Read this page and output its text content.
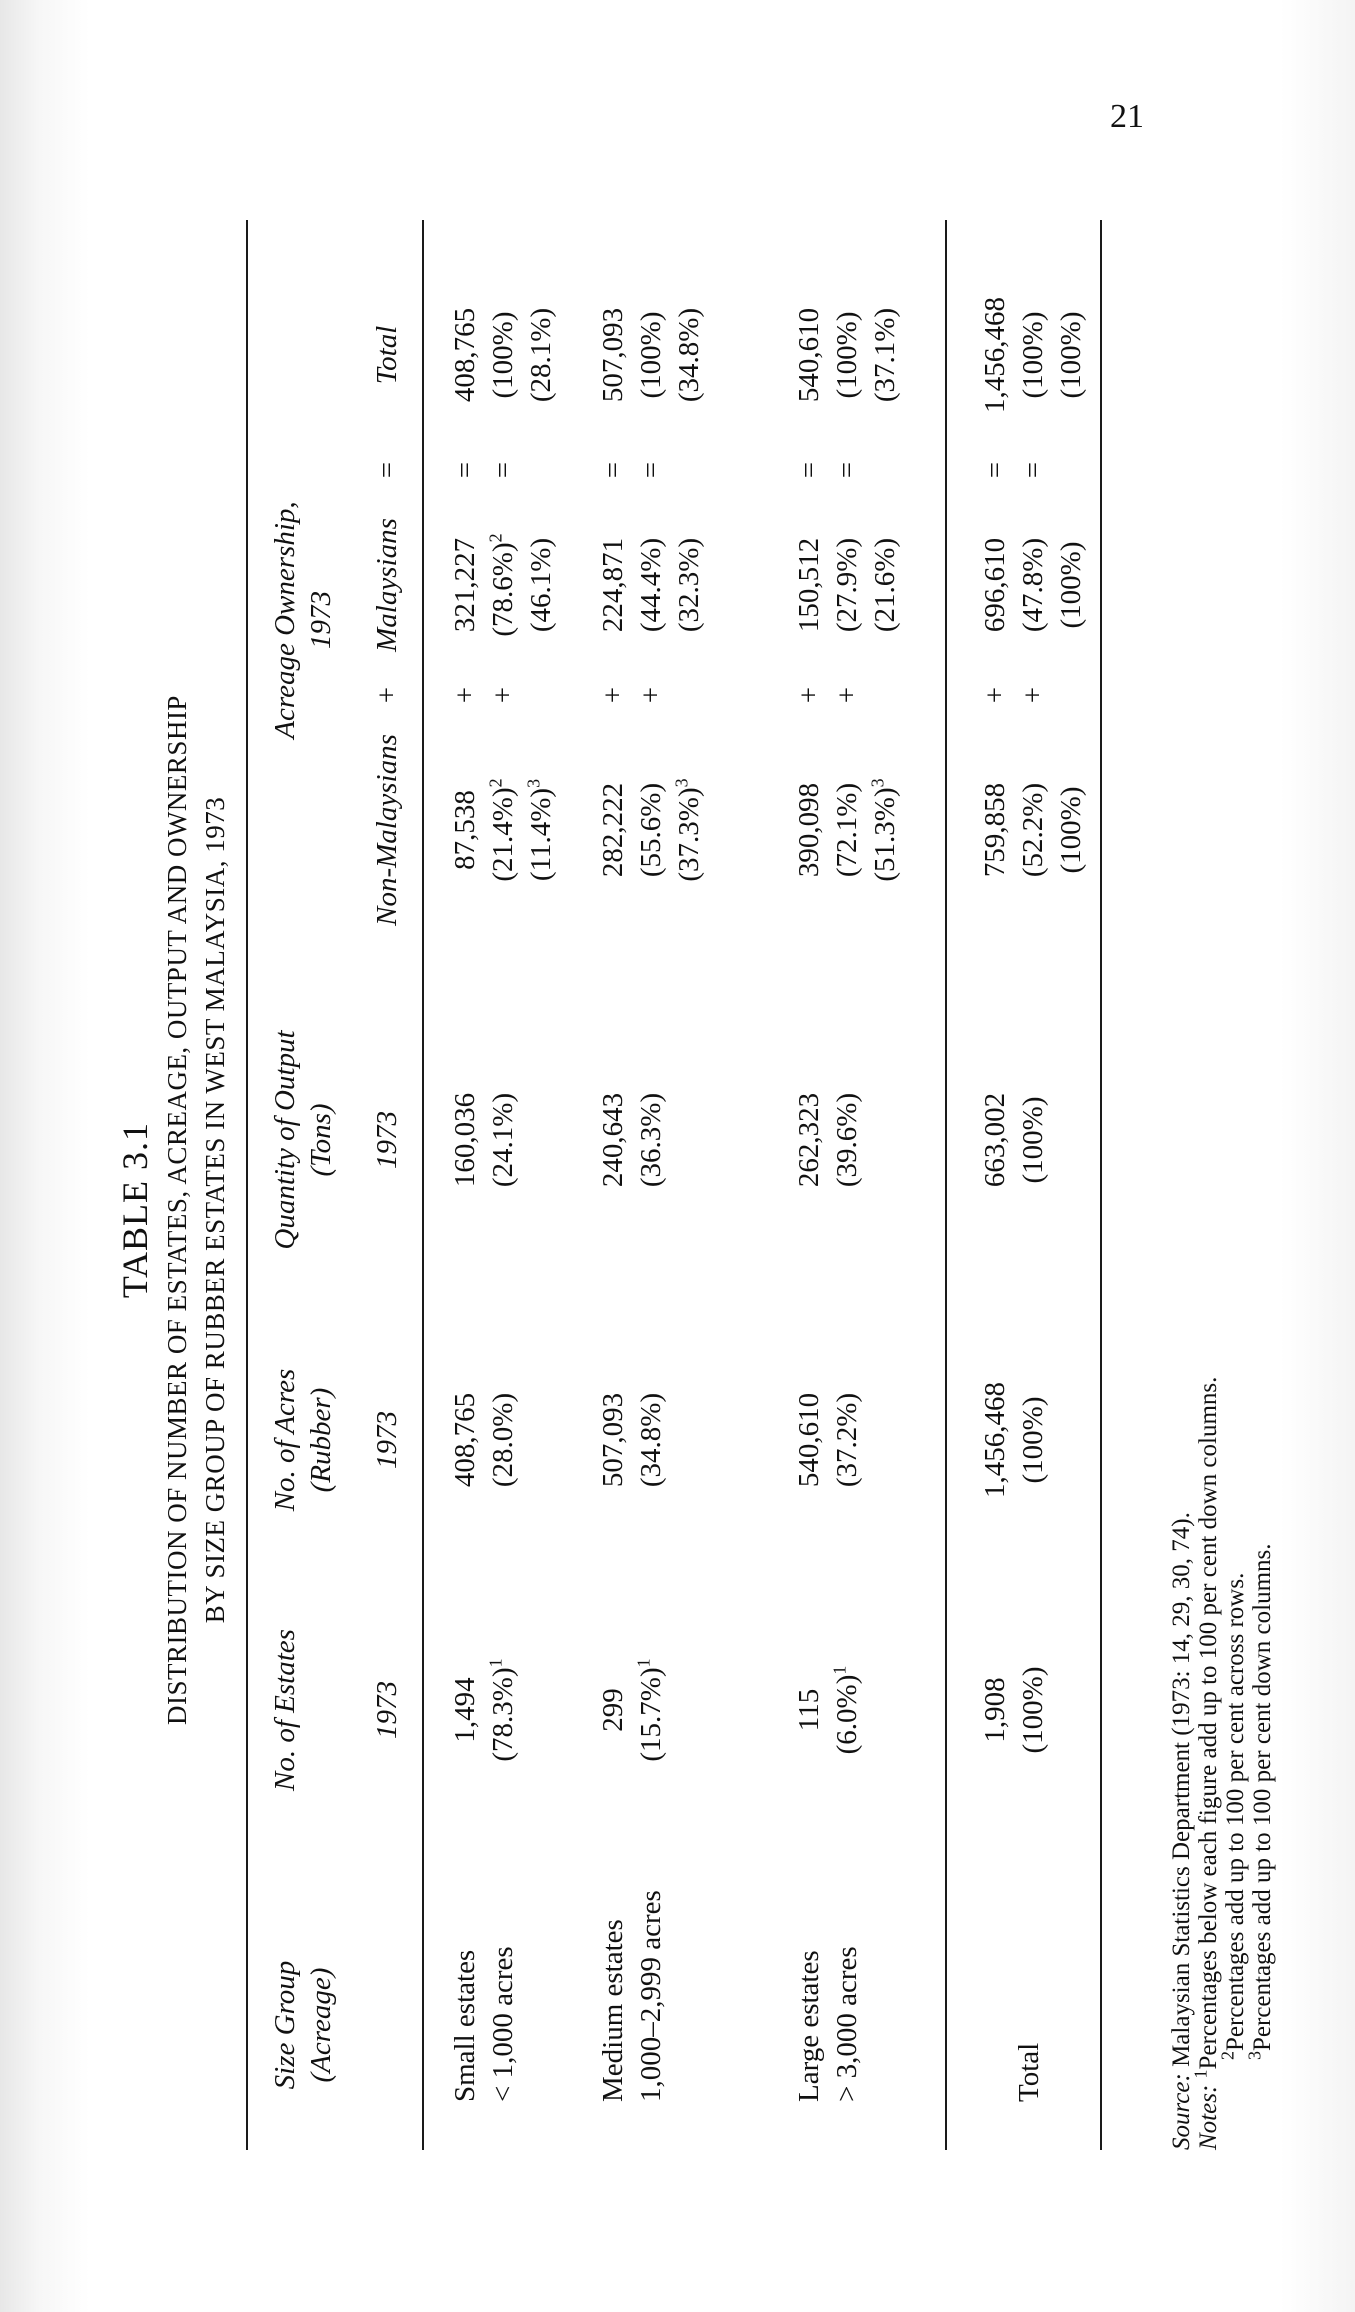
21
TABLE 3.1 DISTRIBUTION OF NUMBER OF ESTATES, ACREAGE, OUTPUT AND OWNERSHIP BY SIZE GROUP OF RUBBER ESTATES IN WEST MALAYSIA, 1973
Size Group (Acreage)
No. of Estates 1973
No. of Acres (Rubber) 1973
Quantity of Output (Tons) 1973
Acreage Ownership, 1973
Non-Malaysians
+
Malaysians
=
Total
Small estates < 1,000 acres
1,494 $(78.3\%)^1$
408,765 (28.0%)
160,036 (24.1%)
87,538 $(21.4\%)^2$
$(11.4\%)^3$
+ +
321,227 $(78.6\%)^2$ (46.1%)
= =
408,765 (100%) (28.1%)
Medium estates 1,000–2,999 acres
299 $(15.7\%)^1$
507,093 (34.8%)
240,643 (36.3%)
282,222 (55.6%) $(37.3\%)^3$
+ +
224,871 (44.4%) (32.3%)
= =
507,093 (100%) (34.8%)
Large estates > 3,000 acres
115 $(6.0\%)^1$
540,610 (37.2%)
262,323 (39.6%)
390,098 (72.1%) $(51.3\%)^3$
+ +
150,512 (27.9%) (21.6%)
= =
540,610 (100%) (37.1%)
Total
1,908 (100%)
1,456,468 (100%)
663,002 (100%)
759,858 (52.2%) (100%)
+ +
696,610 (47.8%) (100%)
= =
1,456,468 (100%) (100%)
Source: Malaysian Statistics Department (1973: 14, 29, 30, 74).
Notes: $^1$Percentages below each figure add up to 100 per cent down columns.
$^2$Percentages add up to 100 per cent across rows.
$^3$Percentages add up to 100 per cent down columns.
